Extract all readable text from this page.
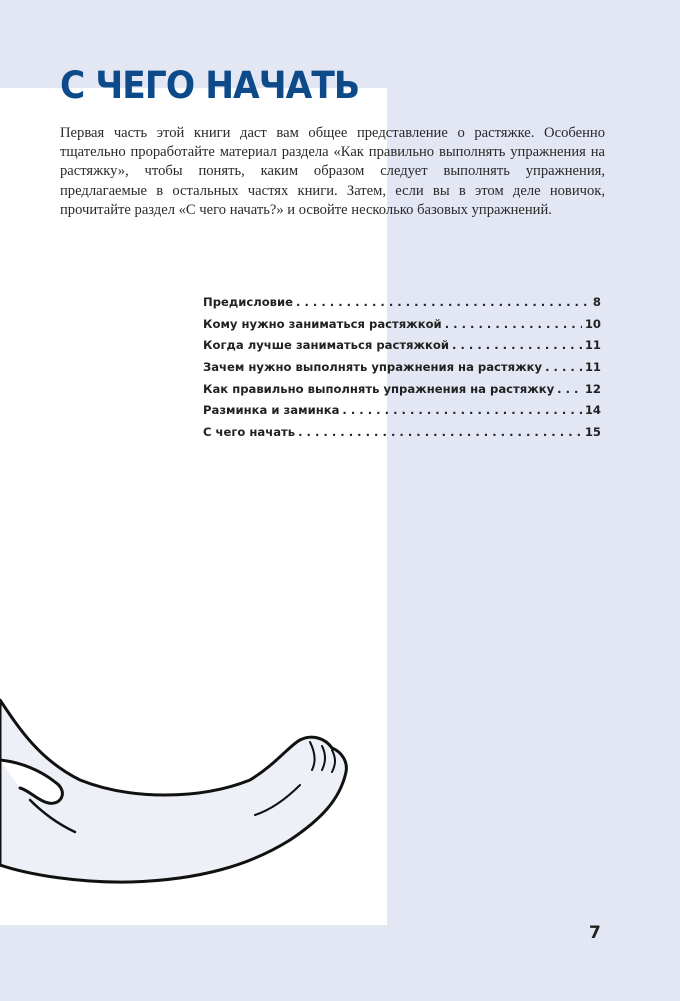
С ЧЕГО НАЧАТЬ

Первая часть этой книги даст вам общее представление о растяжке. Особенно тщательно проработайте материал раздела «Как правильно выполнять упражнения на растяжку», чтобы понять, каким образом следует выполнять упражнения, предлагаемые в остальных частях книги. Затем, если вы в этом деле новичок, прочитайте раздел «С чего начать?» и освойте несколько базовых упражнений.

Предисловие . . .	8
Кому нужно заниматься растяжкой . . .	10
Когда лучше заниматься растяжкой . . .	11
Зачем нужно выполнять упражнения на растяжку . . .	11
Как правильно выполнять упражнения на растяжку . . .	12
Разминка и заминка . . .	14
С чего начать . . .	15
7
